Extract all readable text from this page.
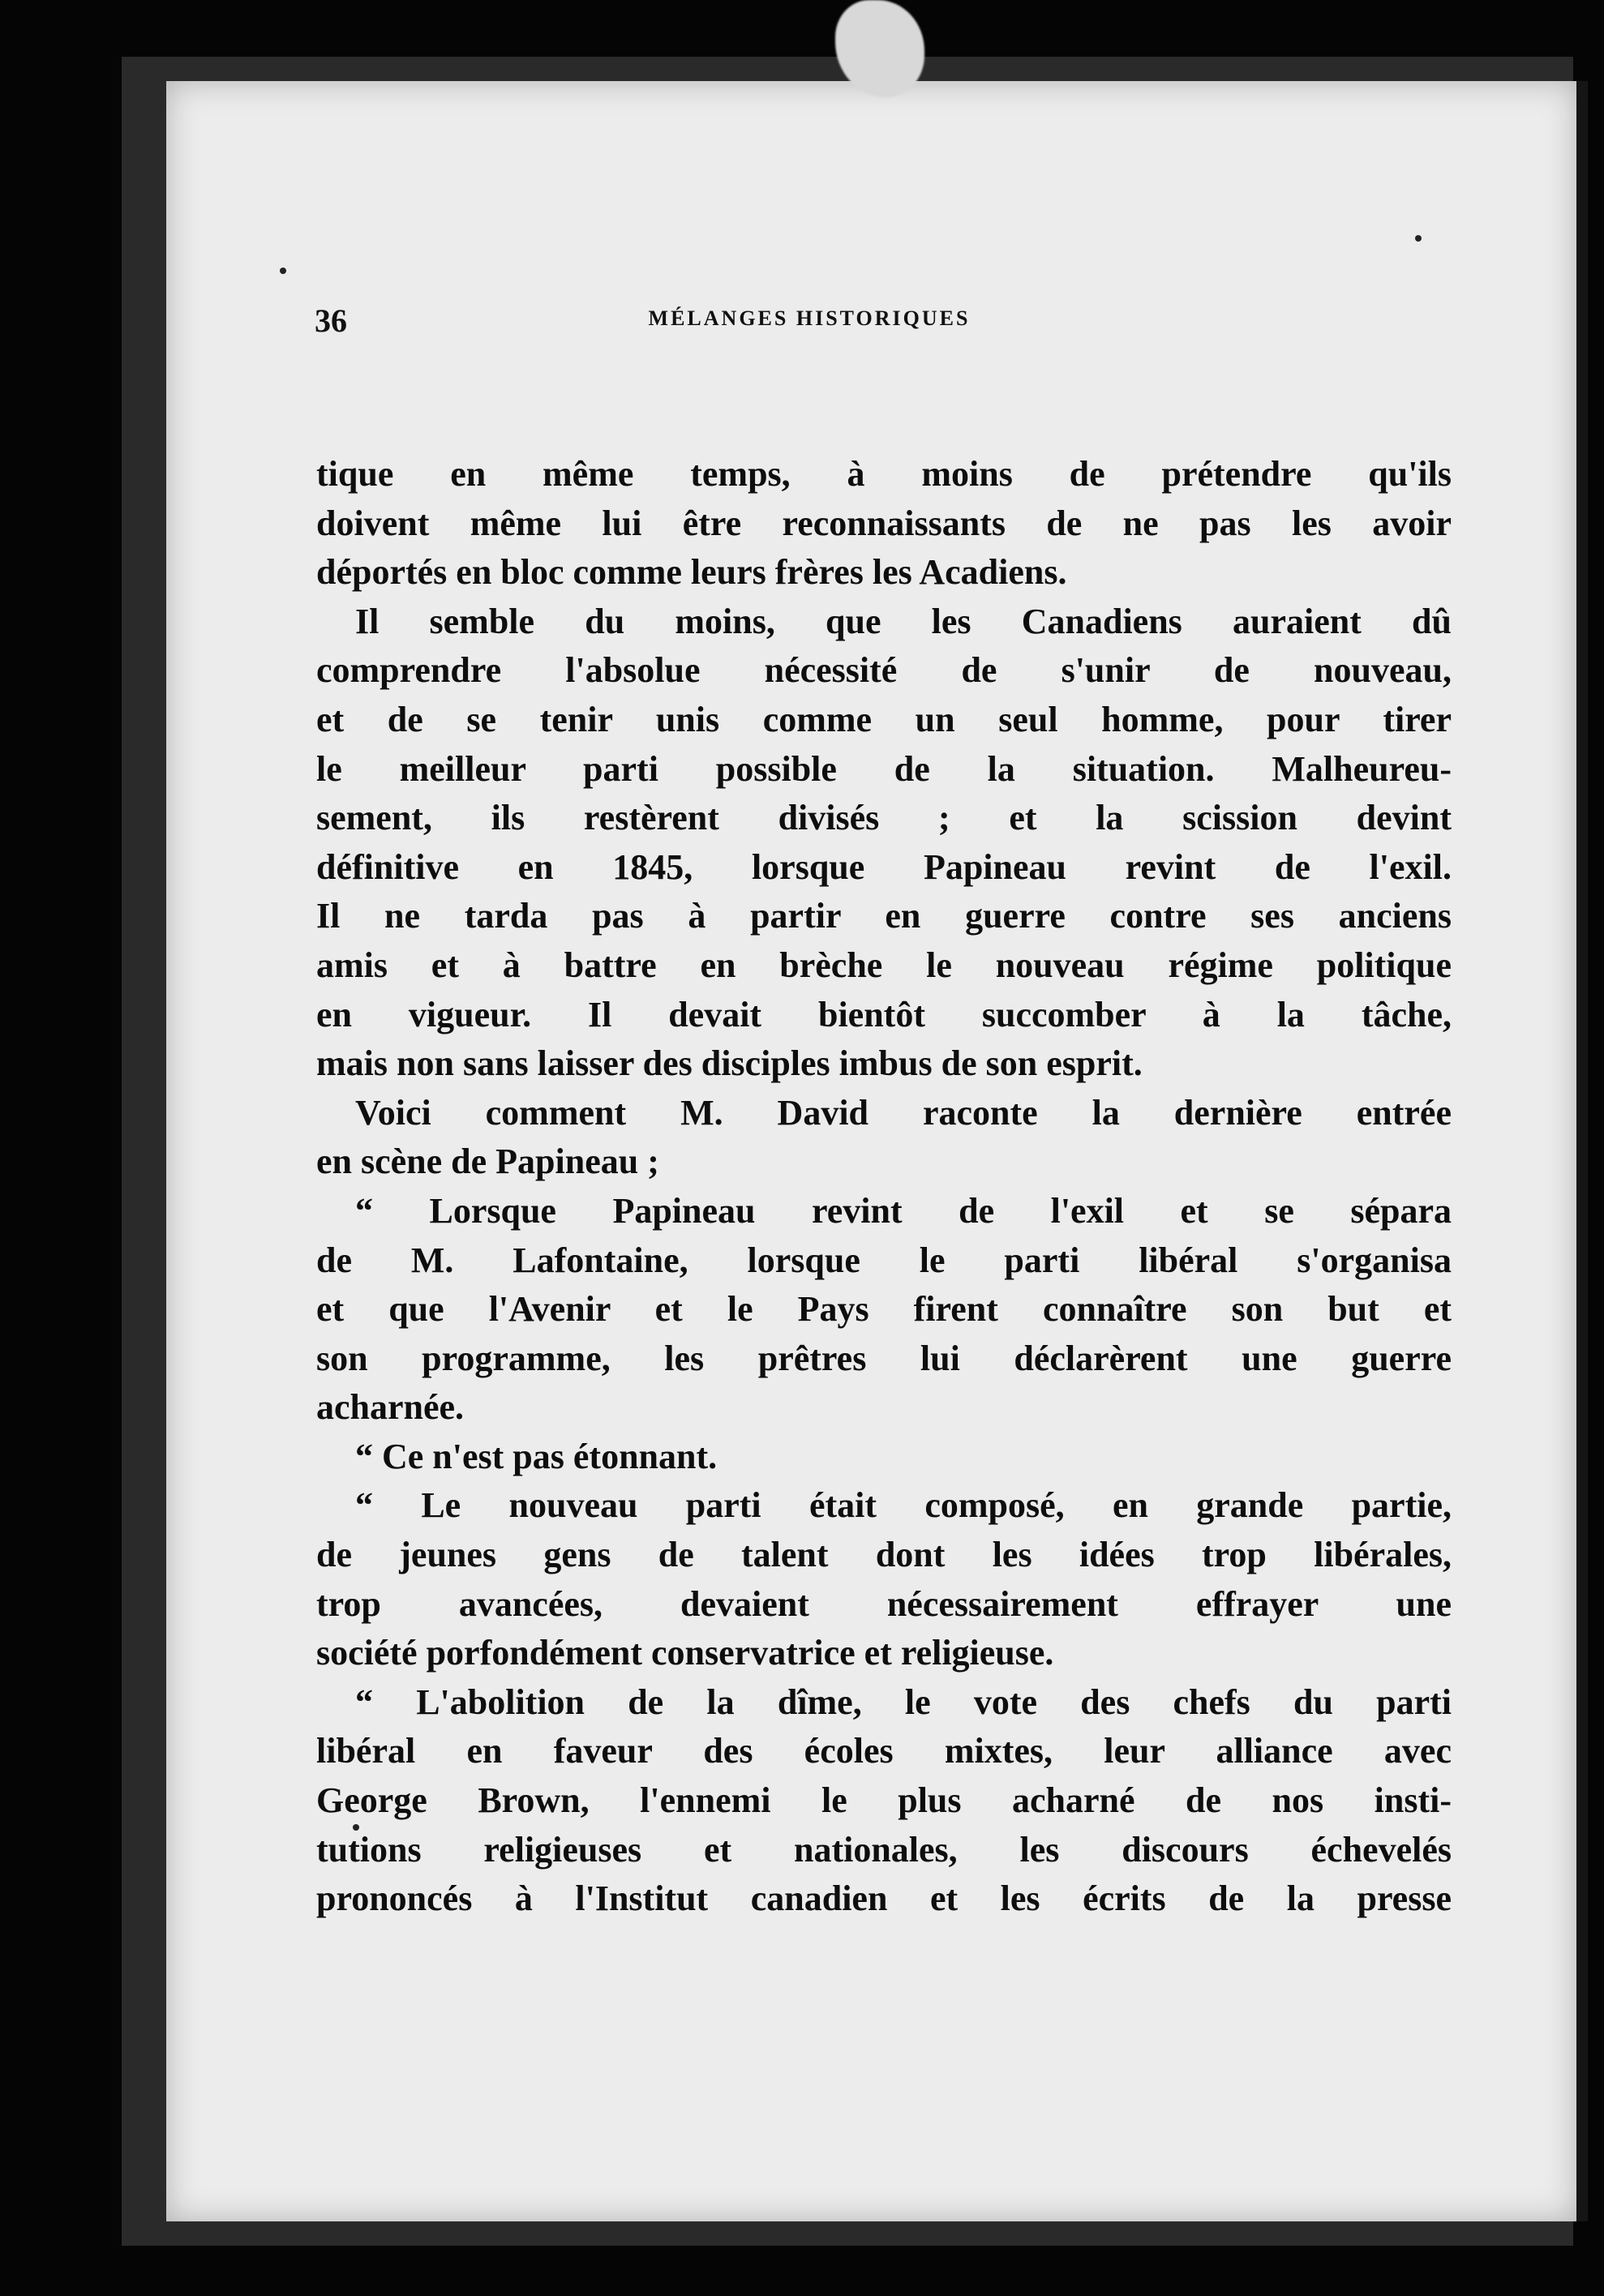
36	MÉLANGES HISTORIQUES
tique en même temps, à moins de prétendre qu'ils
doivent même lui être reconnaissants de ne pas les avoir
déportés en bloc comme leurs frères les Acadiens.
Il semble du moins, que les Canadiens auraient dû
comprendre l'absolue nécessité de s'unir de nouveau,
et de se tenir unis comme un seul homme, pour tirer
le meilleur parti possible de la situation. Malheureu-
sement, ils restèrent divisés ; et la scission devint
définitive en 1845, lorsque Papineau revint de l'exil.
Il ne tarda pas à partir en guerre contre ses anciens
amis et à battre en brèche le nouveau régime politique
en vigueur. Il devait bientôt succomber à la tâche,
mais non sans laisser des disciples imbus de son esprit.
Voici comment M. David raconte la dernière entrée
en scène de Papineau ;
“ Lorsque Papineau revint de l'exil et se sépara
de M. Lafontaine, lorsque le parti libéral s'organisa
et que l'Avenir et le Pays firent connaître son but et
son programme, les prêtres lui déclarèrent une guerre
acharnée.
“ Ce n'est pas étonnant.
“ Le nouveau parti était composé, en grande partie,
de jeunes gens de talent dont les idées trop libérales,
trop avancées, devaient nécessairement effrayer une
société porfondément conservatrice et religieuse.
“ L'abolition de la dîme, le vote des chefs du parti
libéral en faveur des écoles mixtes, leur alliance avec
George Brown, l'ennemi le plus acharné de nos insti-
tutions religieuses et nationales, les discours échevelés
prononcés à l'Institut canadien et les écrits de la presse
